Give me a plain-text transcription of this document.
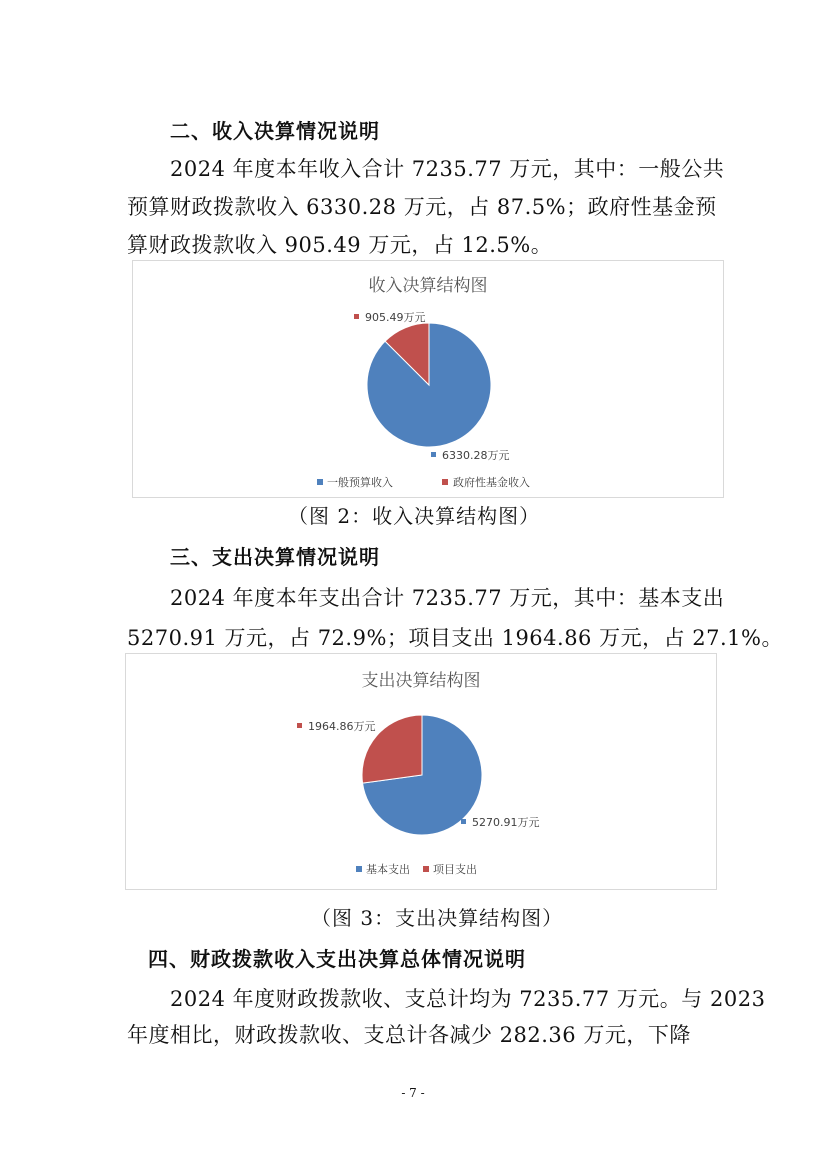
二、收入决算情况说明
2024 年度本年收入合计 7235.77 万元，其中：一般公共
预算财政拨款收入 6330.28 万元，占 87.5%；政府性基金预
算财政拨款收入 905.49 万元，占 12.5%。
收入决算结构图
905.49万元
6330.28万元
一般预算收入	政府性基金收入
（图 2：收入决算结构图）
三、支出决算情况说明
2024 年度本年支出合计 7235.77 万元，其中：基本支出
5270.91 万元，占 72.9%；项目支出 1964.86 万元，占 27.1%。
支出决算结构图
1964.86万元
5270.91万元
基本支出 项目支出
（图 3：支出决算结构图）
四、财政拨款收入支出决算总体情况说明
2024 年度财政拨款收、支总计均为 7235.77 万元。与 2023
年度相比，财政拨款收、支总计各减少 282.36 万元，下降
- 7 -
